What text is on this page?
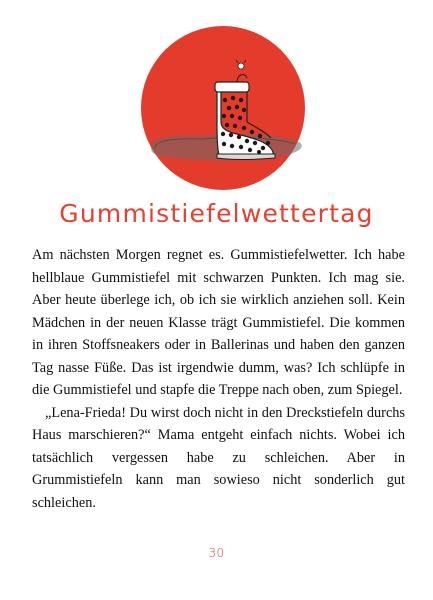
Gummistiefelwettertag

Am nächsten Morgen regnet es. Gummistiefelwetter. Ich habe hellblaue Gummistiefel mit schwarzen Punkten. Ich mag sie. Aber heute überlege ich, ob ich sie wirklich anziehen soll. Kein Mädchen in der neuen Klasse trägt Gummistiefel. Die kommen in ihren Stoffsneakers oder in Ballerinas und haben den ganzen Tag nasse Füße. Das ist irgendwie dumm, was? Ich schlüpfe in die Gummistiefel und stapfe die Treppe nach oben, zum Spiegel.

„Lena-Frieda! Du wirst doch nicht in den Dreckstiefeln durchs Haus marschieren?“ Mama entgeht einfach nichts. Wobei ich tatsächlich vergessen habe zu schleichen. Aber in Grummistiefeln kann man sowieso nicht sonderlich gut schleichen.

30
